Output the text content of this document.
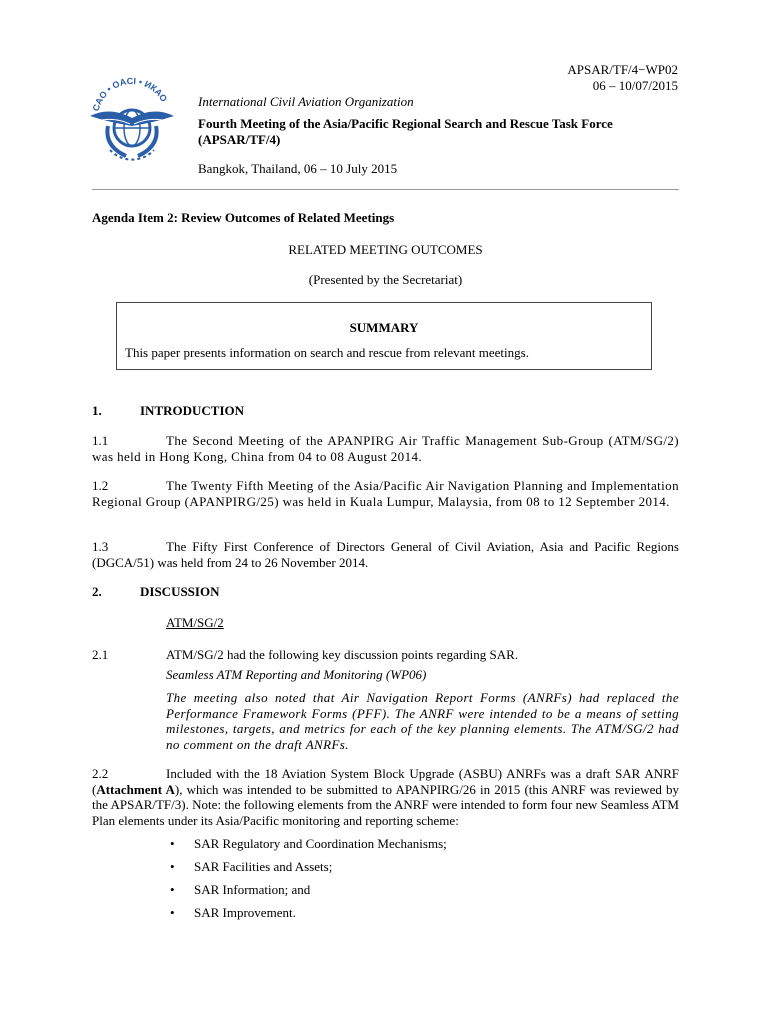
APSAR/TF/4−WP02
06 – 10/07/2015
CAO • OACI • ИКАО International Civil Aviation Organization
Fourth Meeting of the Asia/Pacific Regional Search and Rescue Task Force (APSAR/TF/4)
Bangkok, Thailand, 06 – 10 July 2015
Agenda Item 2: Review Outcomes of Related Meetings
RELATED MEETING OUTCOMES
(Presented by the Secretariat)
SUMMARY
This paper presents information on search and rescue from relevant meetings.
1.	INTRODUCTION
1.1	The Second Meeting of the APANPIRG Air Traffic Management Sub-Group (ATM/SG/2) was held in Hong Kong, China from 04 to 08 August 2014.
1.2	The Twenty Fifth Meeting of the Asia/Pacific Air Navigation Planning and Implementation Regional Group (APANPIRG/25) was held in Kuala Lumpur, Malaysia, from 08 to 12 September 2014.
1.3	The Fifty First Conference of Directors General of Civil Aviation, Asia and Pacific Regions (DGCA/51) was held from 24 to 26 November 2014.
2.	DISCUSSION
ATM/SG/2
2.1	ATM/SG/2 had the following key discussion points regarding SAR.
Seamless ATM Reporting and Monitoring (WP06)
The meeting also noted that Air Navigation Report Forms (ANRFs) had replaced the Performance Framework Forms (PFF). The ANRF were intended to be a means of setting milestones, targets, and metrics for each of the key planning elements. The ATM/SG/2 had no comment on the draft ANRFs.
2.2	Included with the 18 Aviation System Block Upgrade (ASBU) ANRFs was a draft SAR ANRF (Attachment A), which was intended to be submitted to APANPIRG/26 in 2015 (this ANRF was reviewed by the APSAR/TF/3). Note: the following elements from the ANRF were intended to form four new Seamless ATM Plan elements under its Asia/Pacific monitoring and reporting scheme:
• SAR Regulatory and Coordination Mechanisms;
• SAR Facilities and Assets;
• SAR Information; and
• SAR Improvement.
